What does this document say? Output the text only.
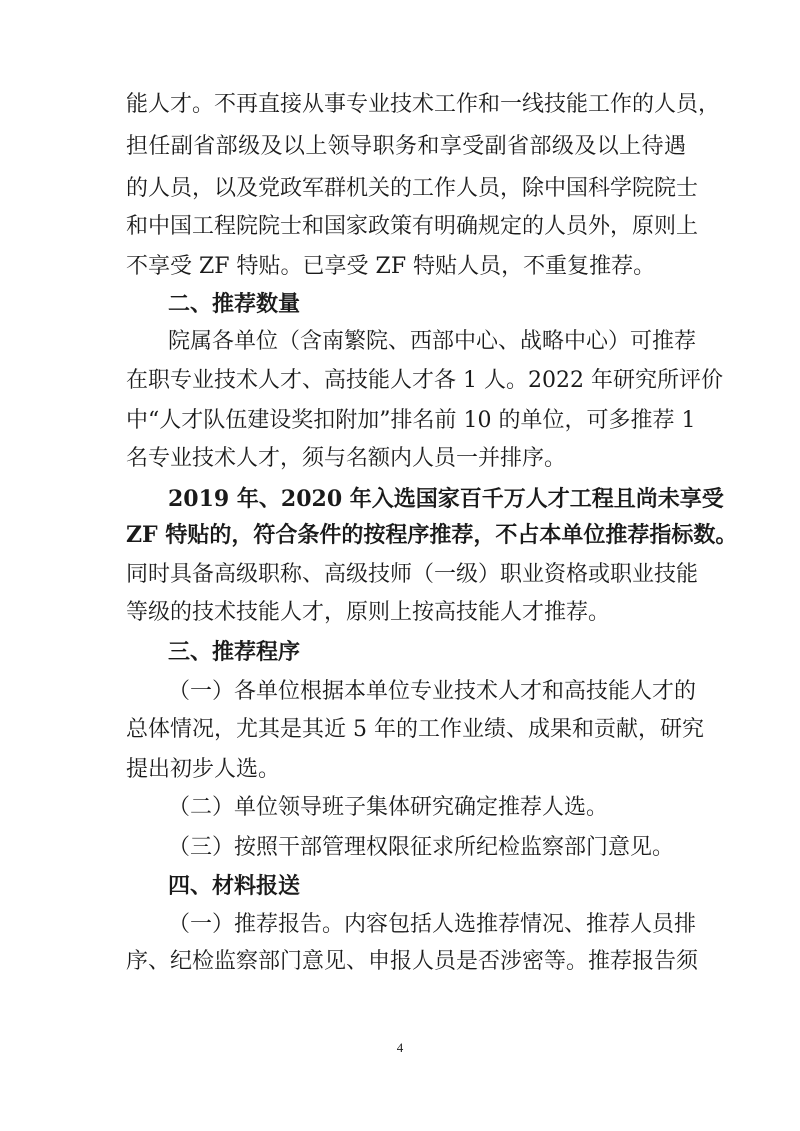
能人才。不再直接从事专业技术工作和一线技能工作的人员，
担任副省部级及以上领导职务和享受副省部级及以上待遇
的人员，以及党政军群机关的工作人员，除中国科学院院士
和中国工程院院士和国家政策有明确规定的人员外，原则上
不享受 ZF 特贴。已享受 ZF 特贴人员，不重复推荐。
二、推荐数量
院属各单位（含南繁院、西部中心、战略中心）可推荐
在职专业技术人才、高技能人才各 1 人。2022 年研究所评价
中“人才队伍建设奖扣附加”排名前 10 的单位，可多推荐 1
名专业技术人才，须与名额内人员一并排序。
2019 年、2020 年入选国家百千万人才工程且尚未享受
ZF 特贴的，符合条件的按程序推荐，不占本单位推荐指标数。
同时具备高级职称、高级技师（一级）职业资格或职业技能
等级的技术技能人才，原则上按高技能人才推荐。
三、推荐程序
（一）各单位根据本单位专业技术人才和高技能人才的
总体情况，尤其是其近 5 年的工作业绩、成果和贡献，研究
提出初步人选。
（二）单位领导班子集体研究确定推荐人选。
（三）按照干部管理权限征求所纪检监察部门意见。
四、材料报送
（一）推荐报告。内容包括人选推荐情况、推荐人员排
序、纪检监察部门意见、申报人员是否涉密等。推荐报告须
4
